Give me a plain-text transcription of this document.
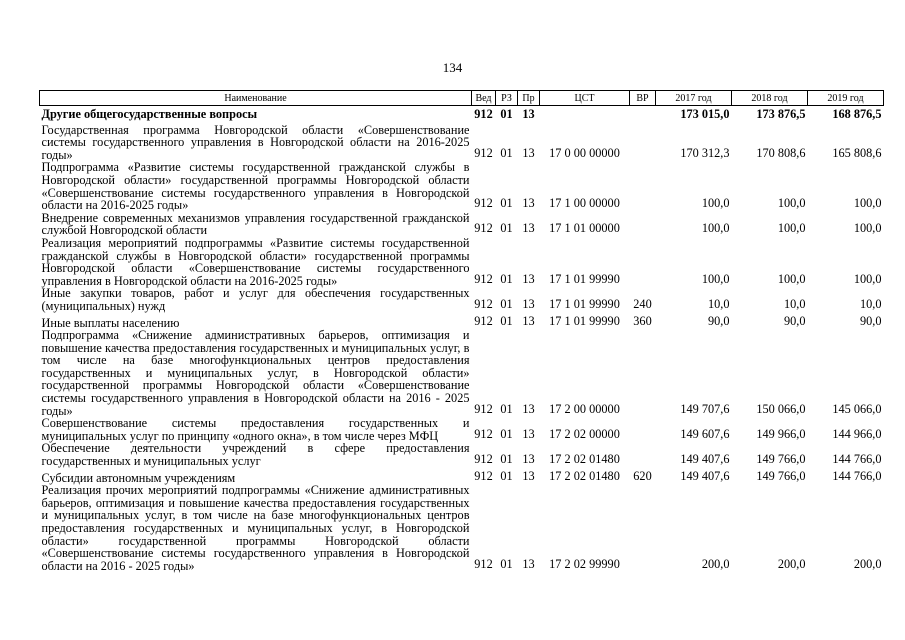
134
Наименование	Вед	РЗ	Пр	ЦСТ	ВР	2017 год	2018 год	2019 год
Другие общегосударственные вопросы	912	01	13			173 015,0	173 876,5	168 876,5
Государственная программа Новгородской области «Совершенствование системы государственного управления в Новгородской области на 2016-2025 годы»	912	01	13	17 0 00 00000		170 312,3	170 808,6	165 808,6
Подпрограмма «Развитие системы государственной гражданской службы в Новгородской области» государственной программы Новгородской области «Совершенствование системы государственного управления в Новгородской области на 2016-2025 годы»	912	01	13	17 1 00 00000		100,0	100,0	100,0
Внедрение современных механизмов управления государственной гражданской службой Новгородской области	912	01	13	17 1 01 00000		100,0	100,0	100,0
Реализация мероприятий подпрограммы «Развитие системы государственной гражданской службы в Новгородской области» государственной программы Новгородской области «Совершенствование системы государственного управления в Новгородской области на 2016-2025 годы»	912	01	13	17 1 01 99990		100,0	100,0	100,0
Иные закупки товаров, работ и услуг для обеспечения государственных (муниципальных) нужд	912	01	13	17 1 01 99990	240	10,0	10,0	10,0
Иные выплаты населению	912	01	13	17 1 01 99990	360	90,0	90,0	90,0
Подпрограмма «Снижение административных барьеров, оптимизация и повышение качества предоставления государственных и муниципальных услуг, в том числе на базе многофункциональных центров предоставления государственных и муниципальных услуг, в Новгородской области» государственной программы Новгородской области «Совершенствование системы государственного управления в Новгородской области на 2016 - 2025 годы»	912	01	13	17 2 00 00000		149 707,6	150 066,0	145 066,0
Совершенствование системы предоставления государственных и муниципальных услуг по принципу «одного окна», в том числе через МФЦ	912	01	13	17 2 02 00000		149 607,6	149 966,0	144 966,0
Обеспечение деятельности учреждений в сфере предоставления государственных и муниципальных услуг	912	01	13	17 2 02 01480		149 407,6	149 766,0	144 766,0
Субсидии автономным учреждениям	912	01	13	17 2 02 01480	620	149 407,6	149 766,0	144 766,0
Реализация прочих мероприятий подпрограммы «Снижение административных барьеров, оптимизация и повышение качества предоставления государственных и муниципальных услуг, в том числе на базе многофункциональных центров предоставления государственных и муниципальных услуг, в Новгородской области» государственной программы Новгородской области «Совершенствование системы государственного управления в Новгородской области на 2016 - 2025 годы»	912	01	13	17 2 02 99990		200,0	200,0	200,0
